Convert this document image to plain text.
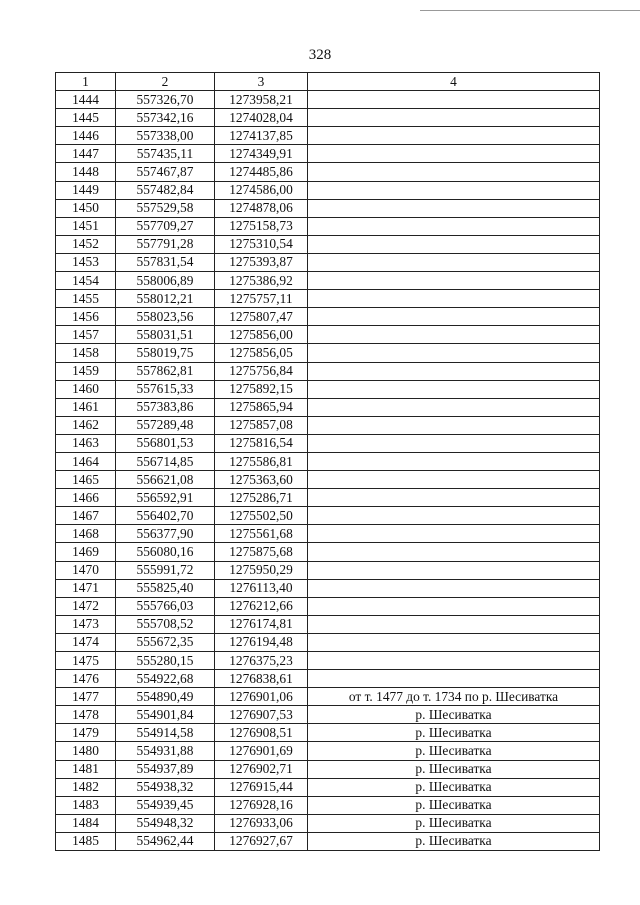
328
1	2	3	4
1444	557326,70	1273958,21	
1445	557342,16	1274028,04	
1446	557338,00	1274137,85	
1447	557435,11	1274349,91	
1448	557467,87	1274485,86	
1449	557482,84	1274586,00	
1450	557529,58	1274878,06	
1451	557709,27	1275158,73	
1452	557791,28	1275310,54	
1453	557831,54	1275393,87	
1454	558006,89	1275386,92	
1455	558012,21	1275757,11	
1456	558023,56	1275807,47	
1457	558031,51	1275856,00	
1458	558019,75	1275856,05	
1459	557862,81	1275756,84	
1460	557615,33	1275892,15	
1461	557383,86	1275865,94	
1462	557289,48	1275857,08	
1463	556801,53	1275816,54	
1464	556714,85	1275586,81	
1465	556621,08	1275363,60	
1466	556592,91	1275286,71	
1467	556402,70	1275502,50	
1468	556377,90	1275561,68	
1469	556080,16	1275875,68	
1470	555991,72	1275950,29	
1471	555825,40	1276113,40	
1472	555766,03	1276212,66	
1473	555708,52	1276174,81	
1474	555672,35	1276194,48	
1475	555280,15	1276375,23	
1476	554922,68	1276838,61	
1477	554890,49	1276901,06	от т. 1477 до т. 1734 по р. Шесиватка
1478	554901,84	1276907,53	р. Шесиватка
1479	554914,58	1276908,51	р. Шесиватка
1480	554931,88	1276901,69	р. Шесиватка
1481	554937,89	1276902,71	р. Шесиватка
1482	554938,32	1276915,44	р. Шесиватка
1483	554939,45	1276928,16	р. Шесиватка
1484	554948,32	1276933,06	р. Шесиватка
1485	554962,44	1276927,67	р. Шесиватка
